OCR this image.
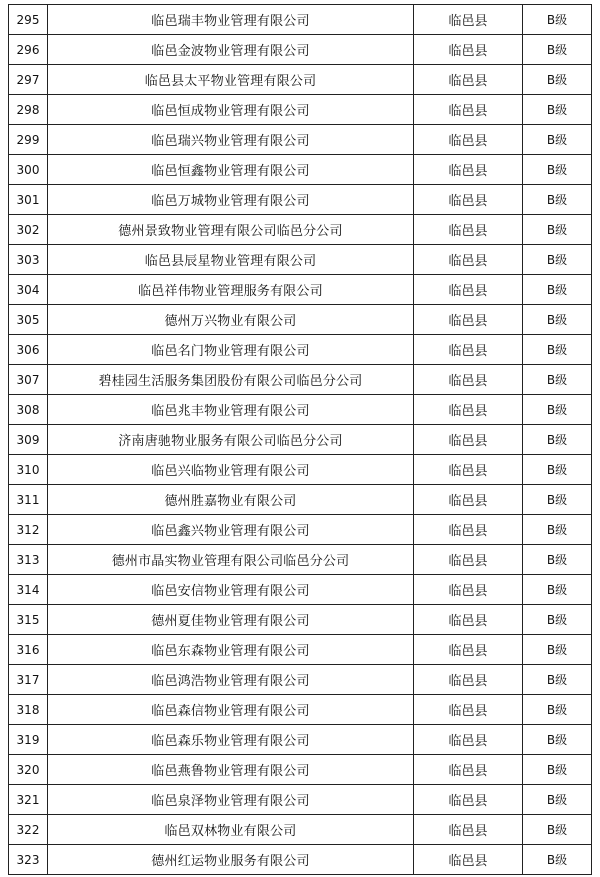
295	临邑瑞丰物业管理有限公司	临邑县	B级
296	临邑金波物业管理有限公司	临邑县	B级
297	临邑县太平物业管理有限公司	临邑县	B级
298	临邑恒成物业管理有限公司	临邑县	B级
299	临邑瑞兴物业管理有限公司	临邑县	B级
300	临邑恒鑫物业管理有限公司	临邑县	B级
301	临邑万城物业管理有限公司	临邑县	B级
302	德州景致物业管理有限公司临邑分公司	临邑县	B级
303	临邑县辰星物业管理有限公司	临邑县	B级
304	临邑祥伟物业管理服务有限公司	临邑县	B级
305	德州万兴物业有限公司	临邑县	B级
306	临邑名门物业管理有限公司	临邑县	B级
307	碧桂园生活服务集团股份有限公司临邑分公司	临邑县	B级
308	临邑兆丰物业管理有限公司	临邑县	B级
309	济南唐驰物业服务有限公司临邑分公司	临邑县	B级
310	临邑兴临物业管理有限公司	临邑县	B级
311	德州胜嘉物业有限公司	临邑县	B级
312	临邑鑫兴物业管理有限公司	临邑县	B级
313	德州市晶实物业管理有限公司临邑分公司	临邑县	B级
314	临邑安信物业管理有限公司	临邑县	B级
315	德州夏佳物业管理有限公司	临邑县	B级
316	临邑东森物业管理有限公司	临邑县	B级
317	临邑鸿浩物业管理有限公司	临邑县	B级
318	临邑森信物业管理有限公司	临邑县	B级
319	临邑森乐物业管理有限公司	临邑县	B级
320	临邑燕鲁物业管理有限公司	临邑县	B级
321	临邑泉泽物业管理有限公司	临邑县	B级
322	临邑双林物业有限公司	临邑县	B级
323	德州红运物业服务有限公司	临邑县	B级
